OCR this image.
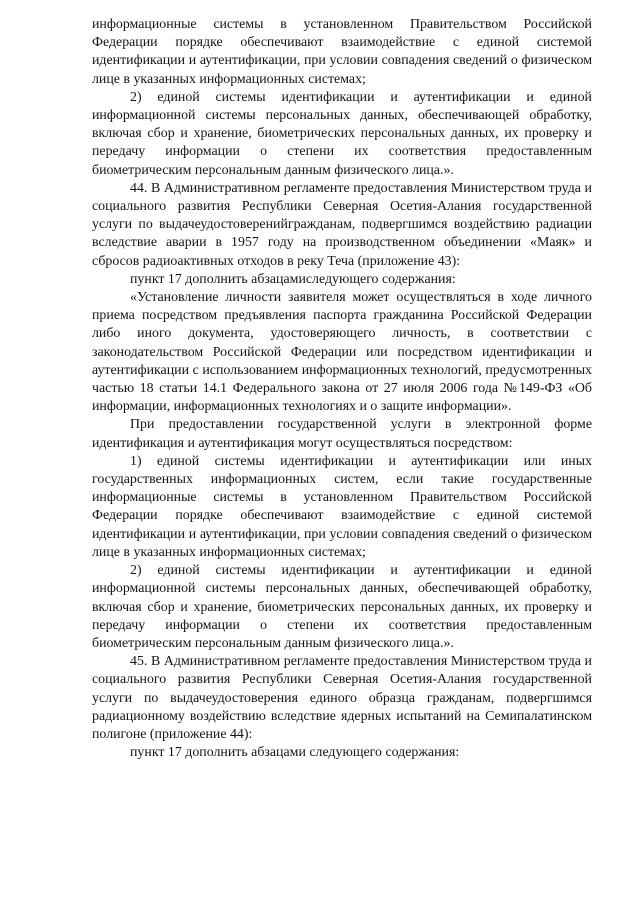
информационные системы в установленном Правительством Российской Федерации порядке обеспечивают взаимодействие с единой системой идентификации и аутентификации, при условии совпадения сведений о физическом лице в указанных информационных системах;

2) единой системы идентификации и аутентификации и единой информационной системы персональных данных, обеспечивающей обработку, включая сбор и хранение, биометрических персональных данных, их проверку и передачу информации о степени их соответствия предоставленным биометрическим персональным данным физического лица.».

44. В Административном регламенте предоставления Министерством труда и социального развития Республики Северная Осетия-Алания государственной услуги по выдачеудостоверенийгражданам, подвергшимся воздействию радиации вследствие аварии в 1957 году на производственном объединении «Маяк» и сбросов радиоактивных отходов в реку Теча (приложение 43):

пункт 17 дополнить абзацамиследующего содержания:

«Установление личности заявителя может осуществляться в ходе личного приема посредством предъявления паспорта гражданина Российской Федерации либо иного документа, удостоверяющего личность, в соответствии с законодательством Российской Федерации или посредством идентификации и аутентификации с использованием информационных технологий, предусмотренных частью 18 статьи 14.1 Федерального закона от 27 июля 2006 года №149-ФЗ «Об информации, информационных технологиях и о защите информации».

При предоставлении государственной услуги в электронной форме идентификация и аутентификация могут осуществляться посредством:

1) единой системы идентификации и аутентификации или иных государственных информационных систем, если такие государственные информационные системы в установленном Правительством Российской Федерации порядке обеспечивают взаимодействие с единой системой идентификации и аутентификации, при условии совпадения сведений о физическом лице в указанных информационных системах;

2) единой системы идентификации и аутентификации и единой информационной системы персональных данных, обеспечивающей обработку, включая сбор и хранение, биометрических персональных данных, их проверку и передачу информации о степени их соответствия предоставленным биометрическим персональным данным физического лица.».

45. В Административном регламенте предоставления Министерством труда и социального развития Республики Северная Осетия-Алания государственной услуги по выдачеудостоверения единого образца гражданам, подвергшимся радиационному воздействию вследствие ядерных испытаний на Семипалатинском полигоне (приложение 44):

пункт 17 дополнить абзацами следующего содержания:
